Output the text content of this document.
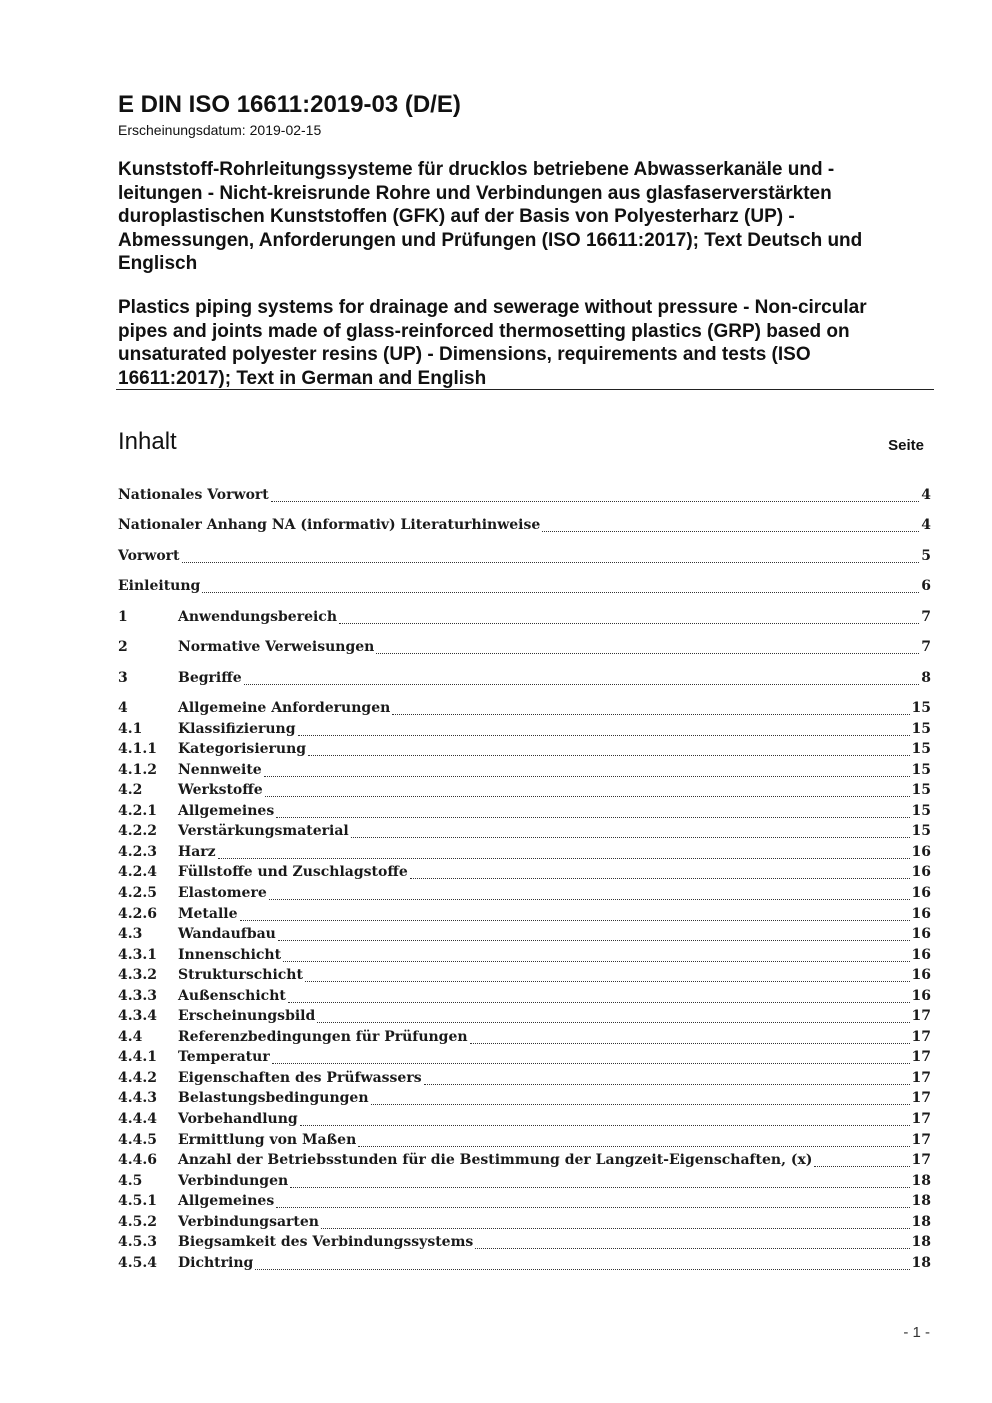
E DIN ISO 16611:2019-03 (D/E)
Erscheinungsdatum: 2019-02-15
Kunststoff-Rohrleitungssysteme für drucklos betriebene Abwasserkanäle und -leitungen - Nicht-kreisrunde Rohre und Verbindungen aus glasfaserverstärkten duroplastischen Kunststoffen (GFK) auf der Basis von Polyesterharz (UP) - Abmessungen, Anforderungen und Prüfungen (ISO 16611:2017); Text Deutsch und Englisch
Plastics piping systems for drainage and sewerage without pressure - Non-circular pipes and joints made of glass-reinforced thermosetting plastics (GRP) based on unsaturated polyester resins (UP) - Dimensions, requirements and tests (ISO 16611:2017); Text in German and English
Inhalt	Seite
Nationales Vorwort	4
Nationaler Anhang NA (informativ) Literaturhinweise	4
Vorwort	5
Einleitung	6
1	Anwendungsbereich	7
2	Normative Verweisungen	7
3	Begriffe	8
4	Allgemeine Anforderungen	15
4.1	Klassifizierung	15
4.1.1	Kategorisierung	15
4.1.2	Nennweite	15
4.2	Werkstoffe	15
4.2.1	Allgemeines	15
4.2.2	Verstärkungsmaterial	15
4.2.3	Harz	16
4.2.4	Füllstoffe und Zuschlagstoffe	16
4.2.5	Elastomere	16
4.2.6	Metalle	16
4.3	Wandaufbau	16
4.3.1	Innenschicht	16
4.3.2	Strukturschicht	16
4.3.3	Außenschicht	16
4.3.4	Erscheinungsbild	17
4.4	Referenzbedingungen für Prüfungen	17
4.4.1	Temperatur	17
4.4.2	Eigenschaften des Prüfwassers	17
4.4.3	Belastungsbedingungen	17
4.4.4	Vorbehandlung	17
4.4.5	Ermittlung von Maßen	17
4.4.6	Anzahl der Betriebsstunden für die Bestimmung der Langzeit-Eigenschaften, (x)	17
4.5	Verbindungen	18
4.5.1	Allgemeines	18
4.5.2	Verbindungsarten	18
4.5.3	Biegsamkeit des Verbindungssystems	18
4.5.4	Dichtring	18
- 1 -
